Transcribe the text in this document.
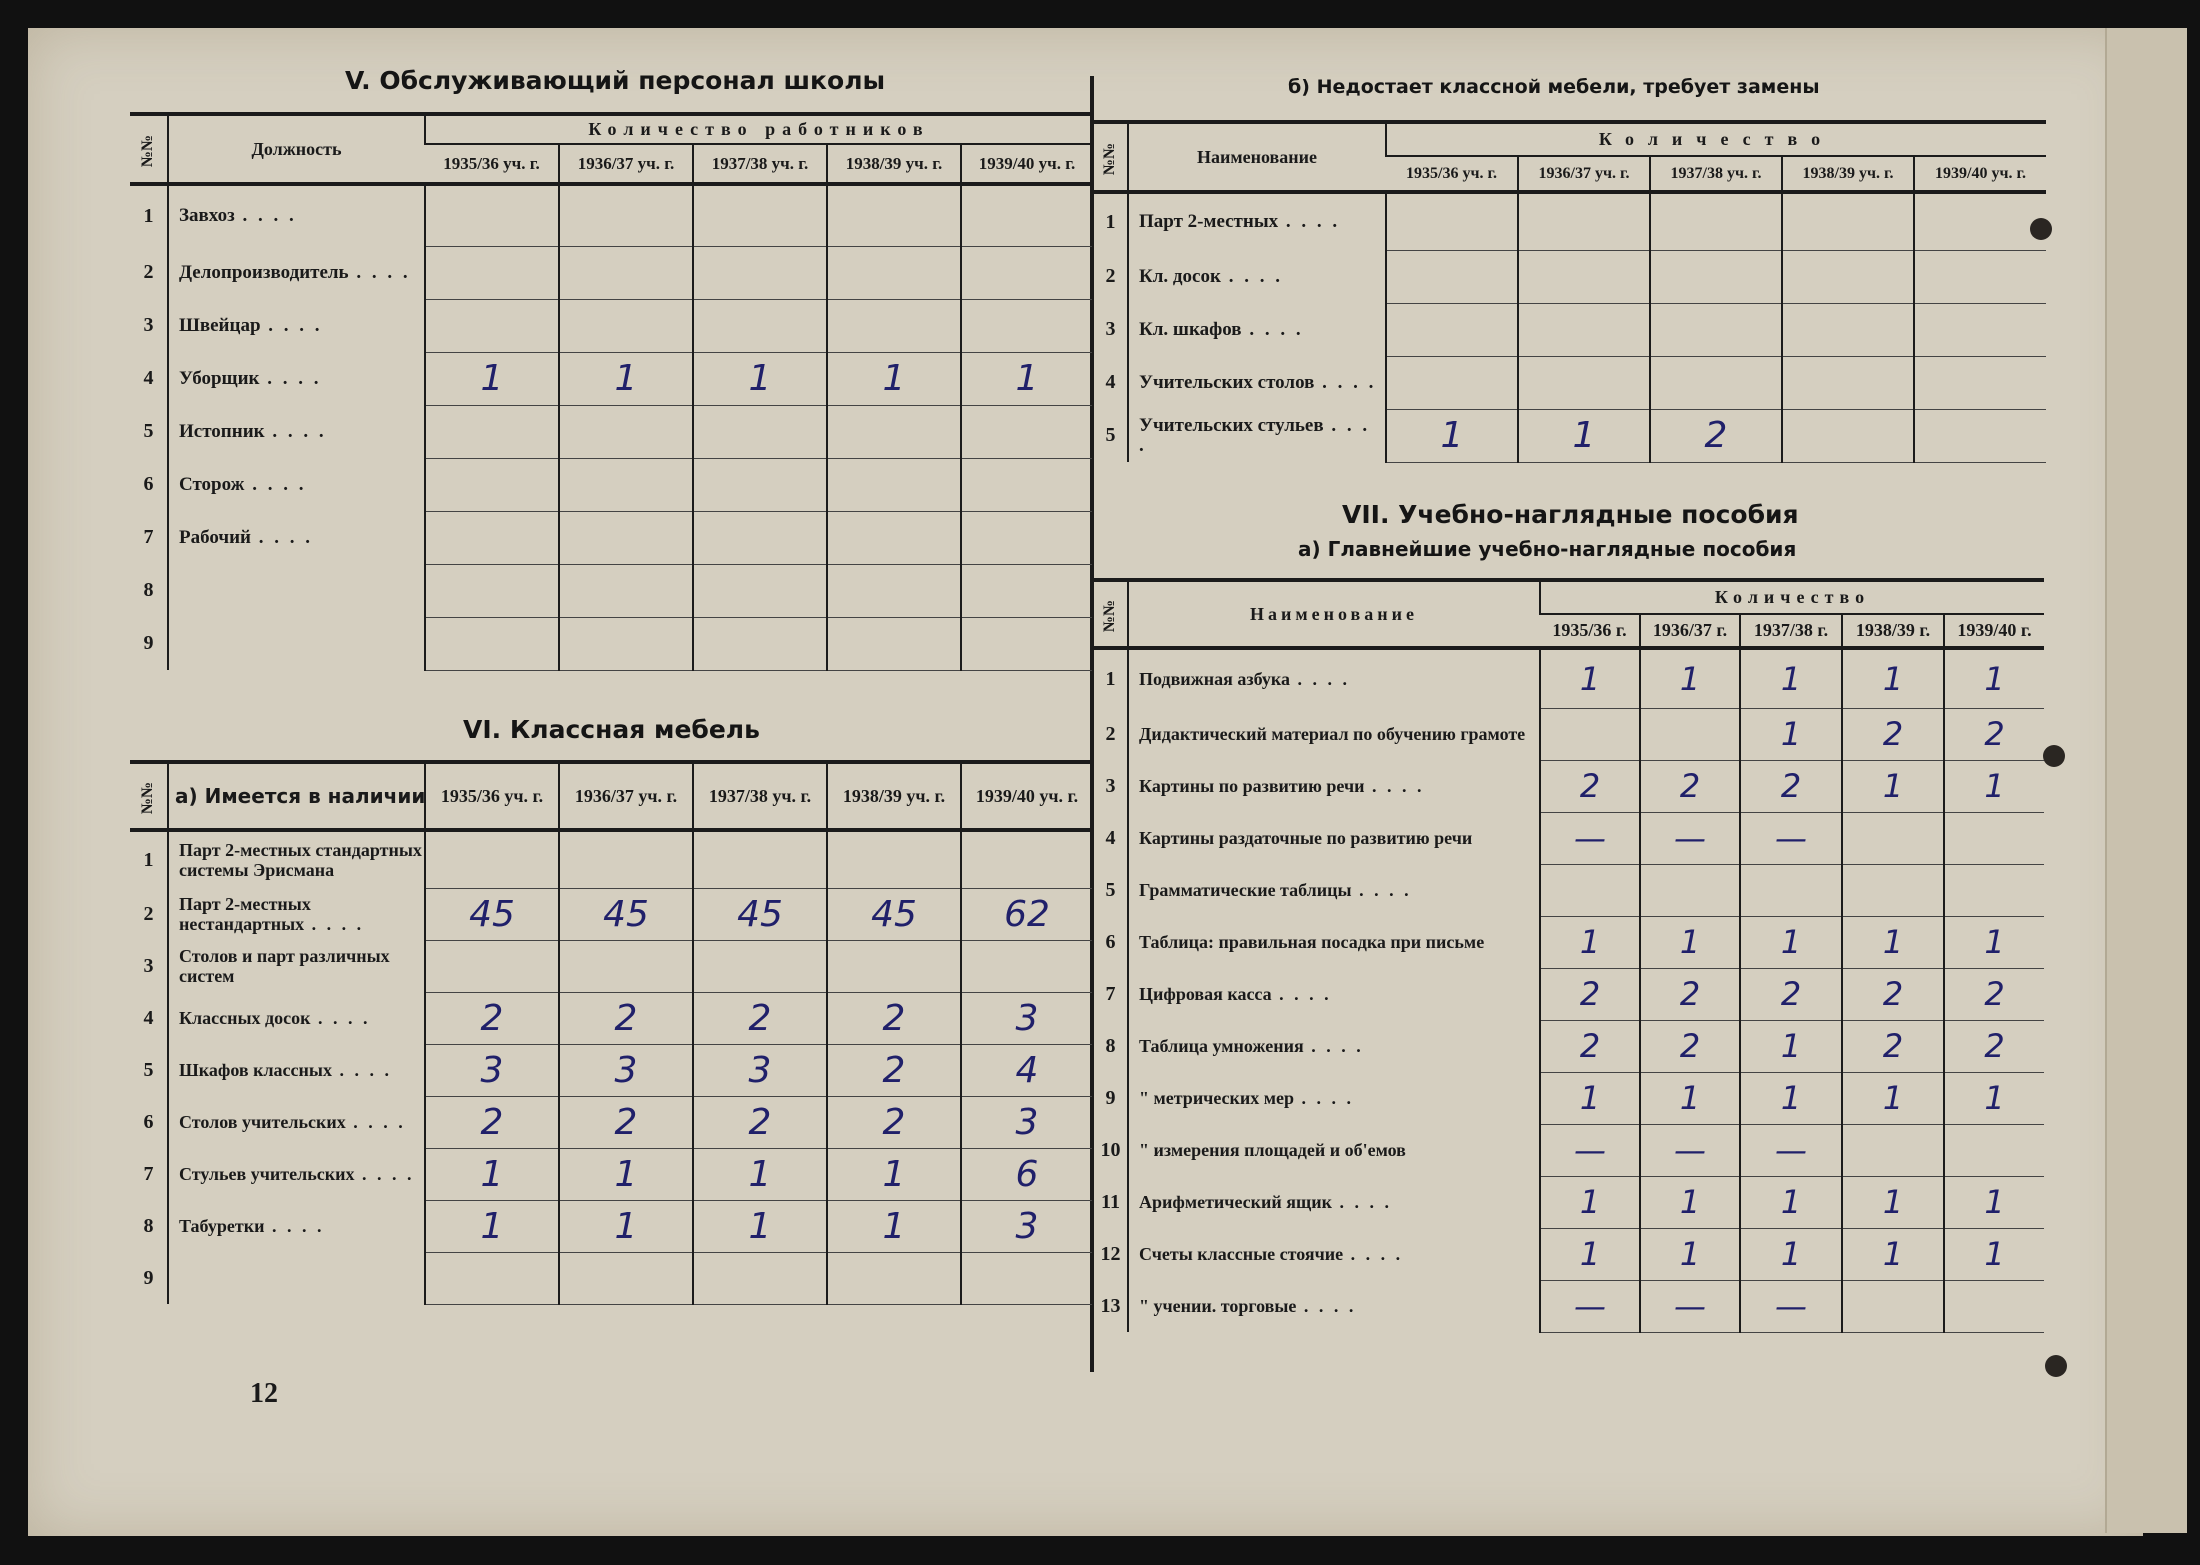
V. Обслуживающий персонал школы
№№	Должность	Количество работников				
		1935/36 уч. г.	1936/37 уч. г.	1937/38 уч. г.	1938/39 уч. г.	1939/40 уч. г.
1	Завхоз . . . .					
2	Делопроизводитель . . . .					
3	Швейцар . . . .					
4	Уборщик . . . .	1	1	1	1	1
5	Истопник . . . .					
6	Сторож . . . .					
7	Рабочий . . . .					
8						
9						
VI. Классная мебель
№№	а) Имеется в наличии	1935/36 уч. г.	1936/37 уч. г.	1937/38 уч. г.	1938/39 уч. г.	1939/40 уч. г.
1	Парт 2-местных стандартных системы Эрисмана					
2	Парт 2-местных нестандартных . . . .	45	45	45	45	62
3	Столов и парт различных систем					
4	Классных досок . . . .	2	2	2	2	3
5	Шкафов классных . . . .	3	3	3	2	4
6	Столов учительских . . . .	2	2	2	2	3
7	Стульев учительских . . . .	1	1	1	1	6
8	Табуретки . . . .	1	1	1	1	3
9						
б) Недостает классной мебели, требует замены
№№	Наименование	Количество				
		1935/36 уч. г.	1936/37 уч. г.	1937/38 уч. г.	1938/39 уч. г.	1939/40 уч. г.
1	Парт 2-местных . . . .					
2	Кл. досок . . . .					
3	Кл. шкафов . . . .					
4	Учительских столов . . . .					
5	Учительских стульев . . . .	1	1	2		
VII. Учебно-наглядные пособия
а) Главнейшие учебно-наглядные пособия
№№	Наименование	Количество				
		1935/36 г.	1936/37 г.	1937/38 г.	1938/39 г.	1939/40 г.
1	Подвижная азбука . . . .	1	1	1	1	1
2	Дидактический материал по обучению грамоте			1	2	2
3	Картины по развитию речи . . . .	2	2	2	1	1
4	Картины раздаточные по развитию речи	—	—	—		
5	Грамматические таблицы . . . .					
6	Таблица: правильная посадка при письме	1	1	1	1	1
7	Цифровая касса . . . .	2	2	2	2	2
8	Таблица умножения . . . .	2	2	1	2	2
9	" метрических мер . . . .	1	1	1	1	1
10	" измерения площадей и об'емов	—	—	—		
11	Арифметический ящик . . . .	1	1	1	1	1
12	Счеты классные стоячие . . . .	1	1	1	1	1
13	" учении. торговые . . . .	—	—	—		
12
